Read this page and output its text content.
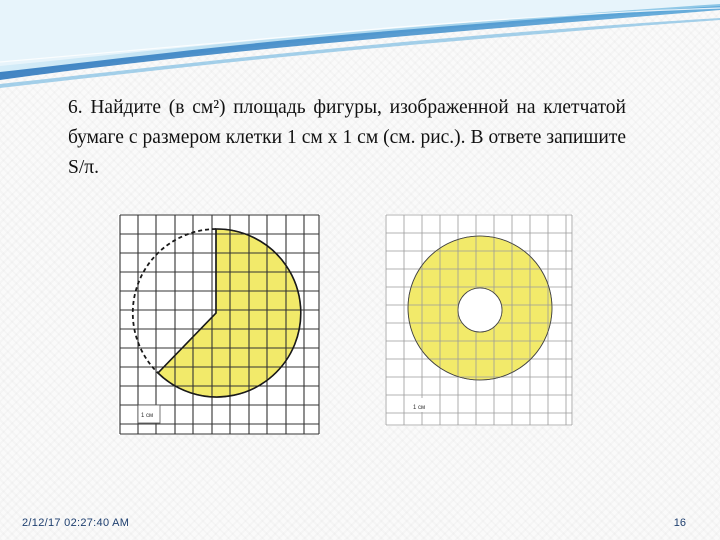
6. Найдите (в см²) площадь фигуры, изображенной на клетчатой бумаге с размером клетки 1 см х 1 см (см. рис.). В ответе запишите S/π.

1 см
1 см
2/12/17 02:27:40 AM	16
